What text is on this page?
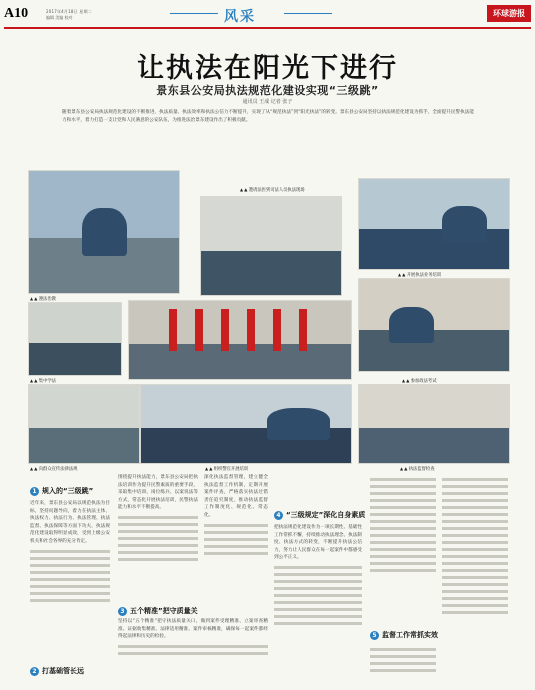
A10	2017年4月18日 星期二
编辑 美编 校对	风采	环球游报
让执法在阳光下进行
景东县公安局执法规范化建设实现“三级跳”
通讯员 王成 记者 张子
随着景东县公安局执法规范化建设的不断推进，执法质量、执法效率和执法公信力不断提升，实现了从“规范执法”到“阳光执法”的转变。景东县公安局坚持以执法规范化建设为抓手，全面提升民警执法能力和水平，着力打造一支让党和人民满意的公安队伍，为推进法治景东建设作出了积极贡献。
▲ ▲ 遵法治教
▲ ▲ 邀请法医到司法人员执法现场
▲ ▲ 开展执法业务培训
▲ ▲ 集中学法	▲ ▲ 参加政法考试
▲ ▲ 向群众宣传法律法规	▲ ▲ 组织警官开展培训	▲ ▲ 执法监督检查
1 规入的“三级跳”
2 打基础管长远
3 五个精准”把守质量关
4 “三级规定”深化自身素质
5 监督工作常抓实效
近年来，景东县公安局以规范执法为目标，坚持问题导向，着力在执法主体、执法权力、执法行为、执法管理、执法监督、执法保障等方面下功夫，执法规范化建设取得明显成效，受到上级公安机关和社会各界的充分肯定。
围绕提升执法能力，景东县公安局把执法培训作为提升民警素质的重要手段，采取集中培训、岗位练兵、以案说法等方式，常态化开展执法培训，民警执法能力和水平不断提高。
坚持以“五个精准”把守执法质量关口，做到案件受理精准、立案审查精准、证据收集精准、法律适用精准、案件审核精准，确保每一起案件都经得起法律和历史的检验。
深化执法监督管理，建立健全执法监督工作机制，定期开展案件评查，严格落实执法过错责任追究制度，推动执法监督工作制度化、规范化、常态化。
把执法规范化建设作为一项长期性、基础性工作常抓不懈，持续推动执法理念、执法制度、执法方式的转变，不断提升执法公信力，努力让人民群众在每一起案件中都感受到公平正义。
